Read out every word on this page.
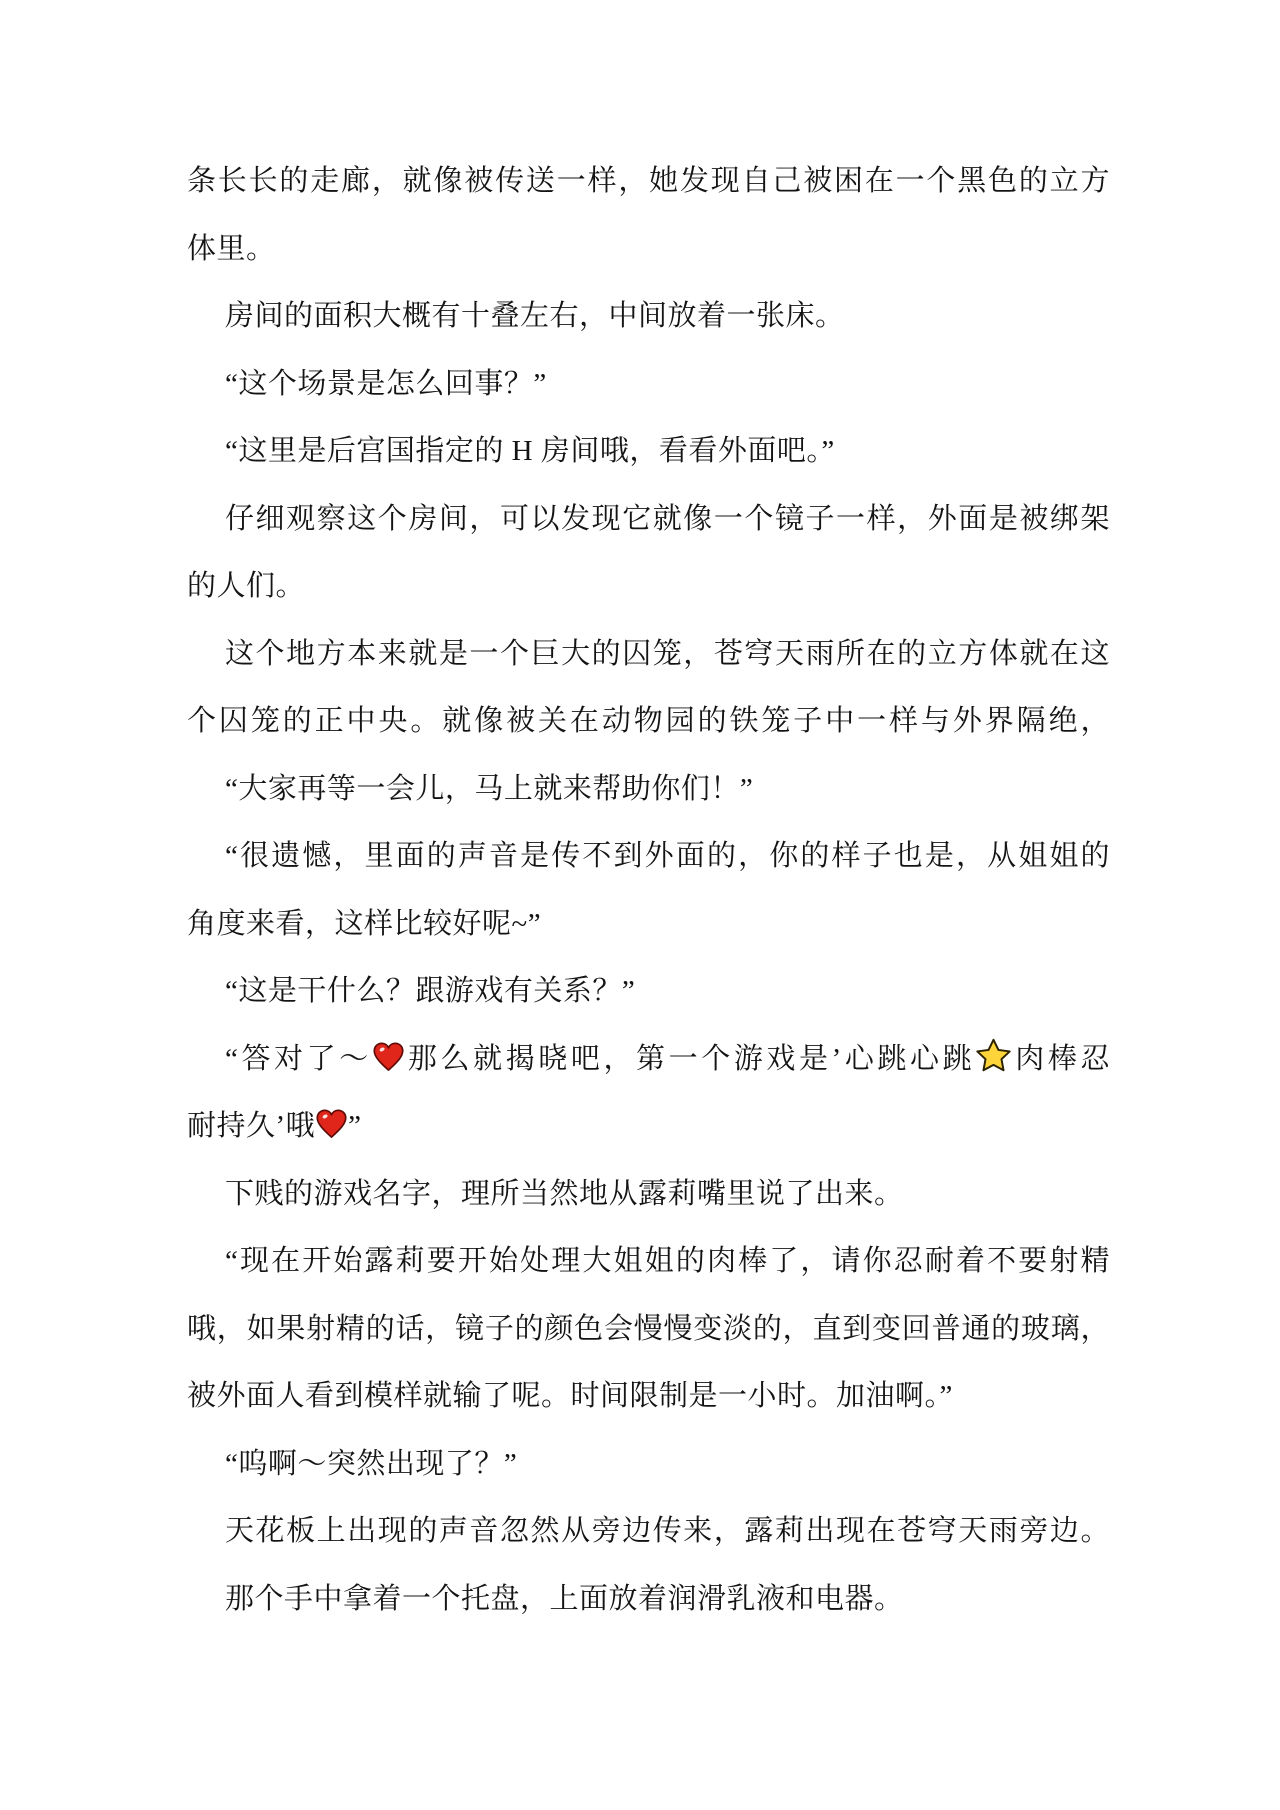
条长长的走廊，就像被传送一样，她发现自己被困在一个黑色的立方
体里。
房间的面积大概有十叠左右，中间放着一张床。
“这个场景是怎么回事？”
“这里是后宫国指定的 H 房间哦，看看外面吧。”
仔细观察这个房间，可以发现它就像一个镜子一样，外面是被绑架
的人们。
这个地方本来就是一个巨大的囚笼，苍穹天雨所在的立方体就在这
个囚笼的正中央。就像被关在动物园的铁笼子中一样与外界隔绝，
“大家再等一会儿，马上就来帮助你们！”
“很遗憾，里面的声音是传不到外面的，你的样子也是，从姐姐的
角度来看，这样比较好呢~”
“这是干什么？跟游戏有关系？”
“答对了～ 那么就揭晓吧，第一个游戏是’心跳心跳 肉棒忍
耐持久’哦 ”
下贱的游戏名字，理所当然地从露莉嘴里说了出来。
“现在开始露莉要开始处理大姐姐的肉棒了，请你忍耐着不要射精
哦，如果射精的话，镜子的颜色会慢慢变淡的，直到变回普通的玻璃，
被外面人看到模样就输了呢。时间限制是一小时。加油啊。”
“呜啊～突然出现了？”
天花板上出现的声音忽然从旁边传来，露莉出现在苍穹天雨旁边。
那个手中拿着一个托盘，上面放着润滑乳液和电器。
